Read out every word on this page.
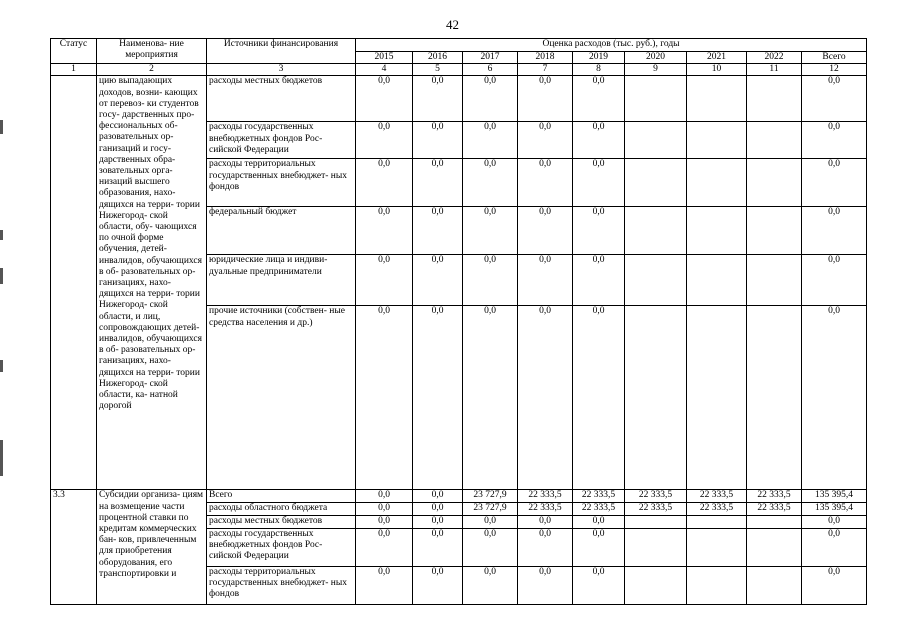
42
Статус	Наименова- ние мероприятия	Источники финансирования	Оценка расходов (тыс. руб.), годы								
			2015	2016	2017	2018	2019	2020	2021	2022	Всего
1	2	3	4	5	6	7	8	9	10	11	12
	цию выпадающих доходов, возни- кающих от перевоз- ки студентов госу- дарственных про- фессиональных об- разовательных ор- ганизаций и госу- дарственных обра- зовательных орга- низаций высшего образования, нахо- дящихся на терри- тории Нижегород- ской области, обу- чающихся по очной форме обучения, детей-инвалидов, обучающихся в об- разовательных ор- ганизациях, нахо- дящихся на терри- тории Нижегород- ской области, и лиц, сопровождающих детей-инвалидов, обучающихся в об- разовательных ор- ганизациях, нахо- дящихся на терри- тории Нижегород- ской области, ка- натной дорогой	расходы местных бюджетов	0,0	0,0	0,0	0,0	0,0				0,0
		расходы государственных внебюджетных фондов Рос- сийской Федерации	0,0	0,0	0,0	0,0	0,0				0,0
		расходы территориальных государственных внебюджет- ных фондов	0,0	0,0	0,0	0,0	0,0				0,0
		федеральный бюджет	0,0	0,0	0,0	0,0	0,0				0,0
		юридические лица и индиви- дуальные предприниматели	0,0	0,0	0,0	0,0	0,0				0,0
		прочие источники (собствен- ные средства населения и др.)	0,0	0,0	0,0	0,0	0,0				0,0
3.3	Субсидии организа- циям на возмещение части процентной ставки по кредитам коммерческих бан- ков, привлеченным для приобретения оборудования, его транспортировки и	Всего	0,0	0,0	23 727,9	22 333,5	22 333,5	22 333,5	22 333,5	22 333,5	135 395,4
		расходы областного бюджета	0,0	0,0	23 727,9	22 333,5	22 333,5	22 333,5	22 333,5	22 333,5	135 395,4
		расходы местных бюджетов	0,0	0,0	0,0	0,0	0,0				0,0
		расходы государственных внебюджетных фондов Рос- сийской Федерации	0,0	0,0	0,0	0,0	0,0				0,0
		расходы территориальных государственных внебюджет- ных фондов	0,0	0,0	0,0	0,0	0,0				0,0
